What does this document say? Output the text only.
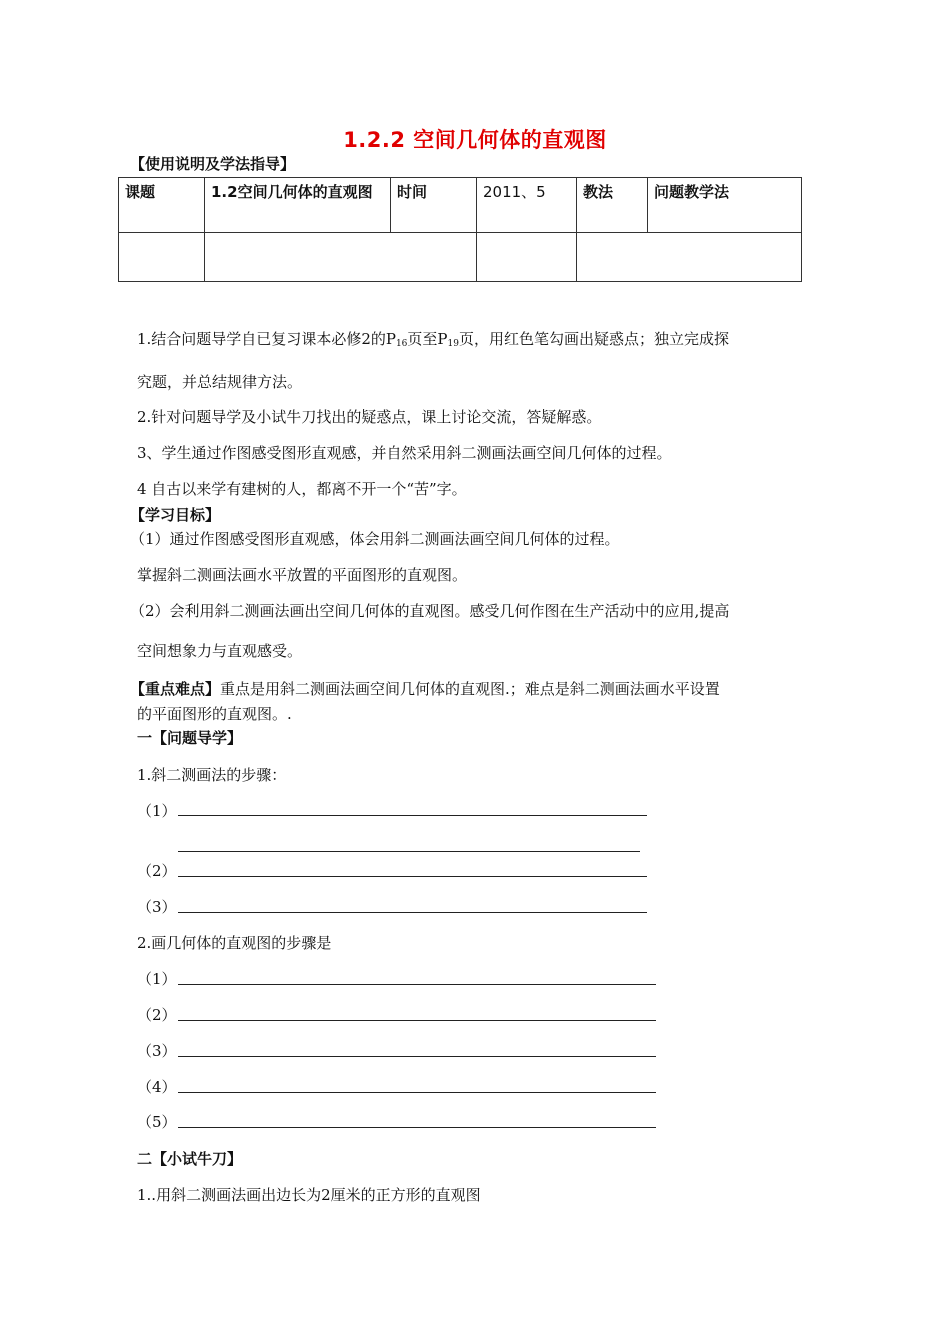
1.2.2 空间几何体的直观图
【使用说明及学法指导】
课题	1.2空间几何体的直观图	时间	2011、5	教法	问题教学法

1.结合问题导学自已复习课本必修2的$P_{16}$页至$P_{19}$页，用红色笔勾画出疑惑点；独立完成探
究题，并总结规律方法。
2.针对问题导学及小试牛刀找出的疑惑点，课上讨论交流，答疑解惑。
3、学生通过作图感受图形直观感，并自然采用斜二测画法画空间几何体的过程。
4 自古以来学有建树的人，都离不开一个“苦”字。
【学习目标】
（1）通过作图感受图形直观感，体会用斜二测画法画空间几何体的过程。
掌握斜二测画法画水平放置的平面图形的直观图。
（2）会利用斜二测画法画出空间几何体的直观图。感受几何作图在生产活动中的应用,提高
空间想象力与直观感受。
【重点难点】重点是用斜二测画法画空间几何体的直观图.；难点是斜二测画法画水平设置
的平面图形的直观图。.
一【问题导学】
1.斜二测画法的步骤：
（1）
（2）
（3）
2.画几何体的直观图的步骤是
（1）
（2）
（3）
（4）
（5）
二【小试牛刀】
1..用斜二测画法画出边长为2厘米的正方形的直观图
